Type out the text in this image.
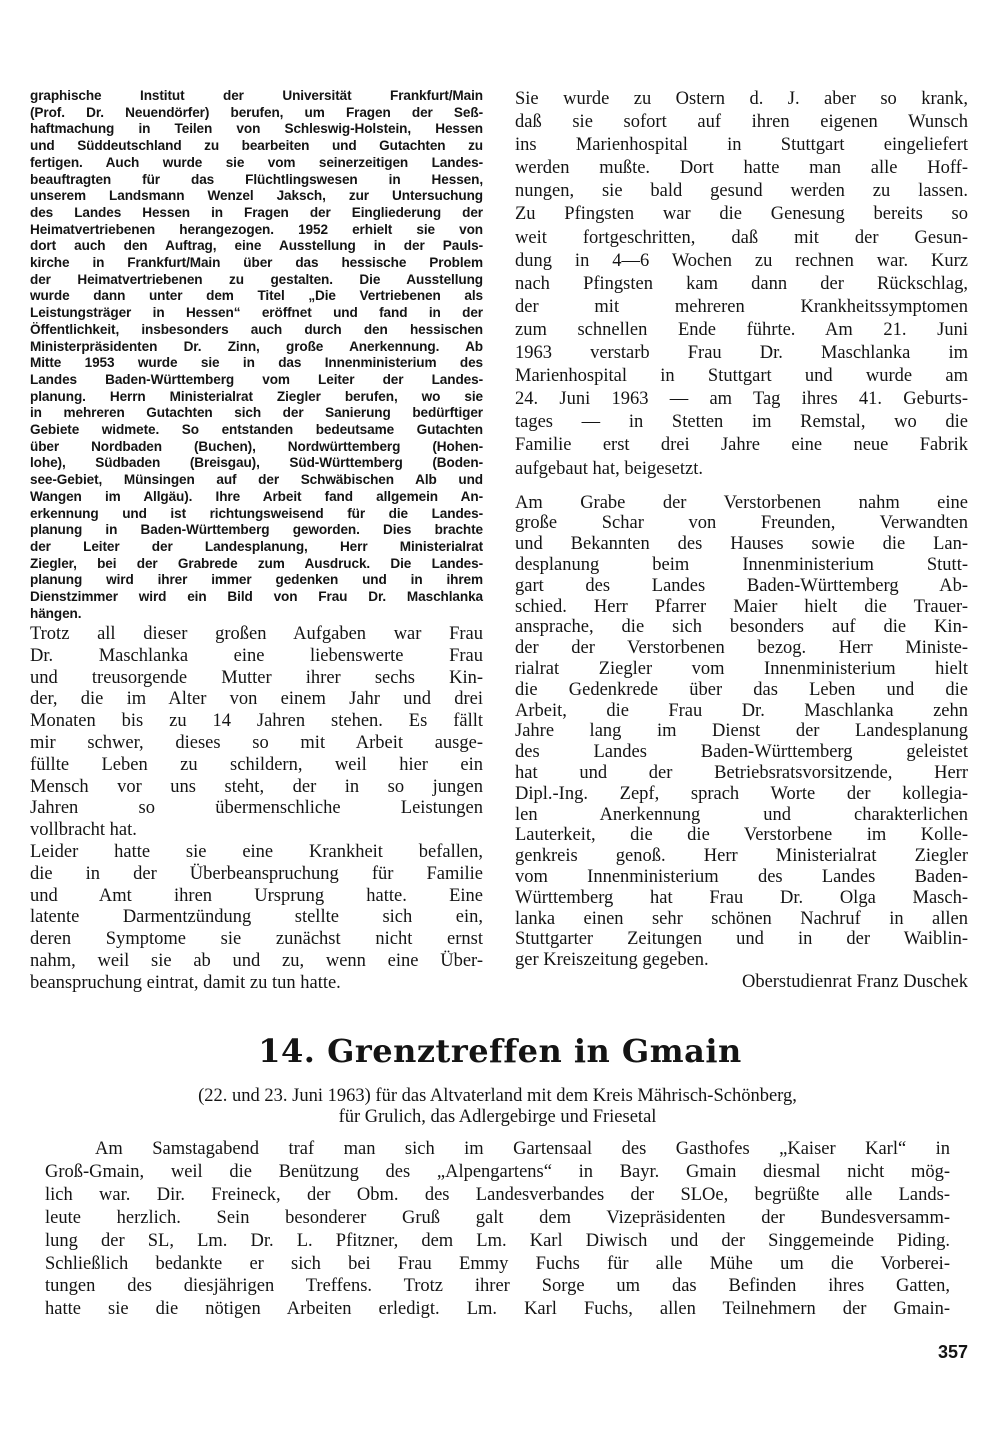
graphische Institut der Universität Frankfurt/Main
(Prof. Dr. Neuendörfer) berufen, um Fragen der Seß-
haftmachung in Teilen von Schleswig-Holstein, Hessen
und Süddeutschland zu bearbeiten und Gutachten zu
fertigen. Auch wurde sie vom seinerzeitigen Landes-
beauftragten für das Flüchtlingswesen in Hessen,
unserem Landsmann Wenzel Jaksch, zur Untersuchung
des Landes Hessen in Fragen der Eingliederung der
Heimatvertriebenen herangezogen. 1952 erhielt sie von
dort auch den Auftrag, eine Ausstellung in der Pauls-
kirche in Frankfurt/Main über das hessische Problem
der Heimatvertriebenen zu gestalten. Die Ausstellung
wurde dann unter dem Titel „Die Vertriebenen als
Leistungsträger in Hessen“ eröffnet und fand in der
Öffentlichkeit, insbesonders auch durch den hessischen
Ministerpräsidenten Dr. Zinn, große Anerkennung. Ab
Mitte 1953 wurde sie in das Innenministerium des
Landes Baden-Württemberg vom Leiter der Landes-
planung. Herrn Ministerialrat Ziegler berufen, wo sie
in mehreren Gutachten sich der Sanierung bedürftiger
Gebiete widmete. So entstanden bedeutsame Gutachten
über Nordbaden (Buchen), Nordwürttemberg (Hohen-
lohe), Südbaden (Breisgau), Süd-Württemberg (Boden-
see-Gebiet, Münsingen auf der Schwäbischen Alb und
Wangen im Allgäu). Ihre Arbeit fand allgemein An-
erkennung und ist richtungsweisend für die Landes-
planung in Baden-Württemberg geworden. Dies brachte
der Leiter der Landesplanung, Herr Ministerialrat
Ziegler, bei der Grabrede zum Ausdruck. Die Landes-
planung wird ihrer immer gedenken und in ihrem
Dienstzimmer wird ein Bild von Frau Dr. Maschlanka
hängen.
Trotz all dieser großen Aufgaben war Frau
Dr. Maschlanka eine liebenswerte Frau
und treusorgende Mutter ihrer sechs Kin-
der, die im Alter von einem Jahr und drei
Monaten bis zu 14 Jahren stehen. Es fällt
mir schwer, dieses so mit Arbeit ausge-
füllte Leben zu schildern, weil hier ein
Mensch vor uns steht, der in so jungen
Jahren so übermenschliche Leistungen
vollbracht hat.
Leider hatte sie eine Krankheit befallen,
die in der Überbeanspruchung für Familie
und Amt ihren Ursprung hatte. Eine
latente Darmentzündung stellte sich ein,
deren Symptome sie zunächst nicht ernst
nahm, weil sie ab und zu, wenn eine Über-
beanspruchung eintrat, damit zu tun hatte.
Sie wurde zu Ostern d. J. aber so krank,
daß sie sofort auf ihren eigenen Wunsch
ins Marienhospital in Stuttgart eingeliefert
werden mußte. Dort hatte man alle Hoff-
nungen, sie bald gesund werden zu lassen.
Zu Pfingsten war die Genesung bereits so
weit fortgeschritten, daß mit der Gesun-
dung in 4—6 Wochen zu rechnen war. Kurz
nach Pfingsten kam dann der Rückschlag,
der mit mehreren Krankheitssymptomen
zum schnellen Ende führte. Am 21. Juni
1963 verstarb Frau Dr. Maschlanka im
Marienhospital in Stuttgart und wurde am
24. Juni 1963 — am Tag ihres 41. Geburts-
tages — in Stetten im Remstal, wo die
Familie erst drei Jahre eine neue Fabrik
aufgebaut hat, beigesetzt.
Am Grabe der Verstorbenen nahm eine
große Schar von Freunden, Verwandten
und Bekannten des Hauses sowie die Lan-
desplanung beim Innenministerium Stutt-
gart des Landes Baden-Württemberg Ab-
schied. Herr Pfarrer Maier hielt die Trauer-
ansprache, die sich besonders auf die Kin-
der der Verstorbenen bezog. Herr Ministe-
rialrat Ziegler vom Innenministerium hielt
die Gedenkrede über das Leben und die
Arbeit, die Frau Dr. Maschlanka zehn
Jahre lang im Dienst der Landesplanung
des Landes Baden-Württemberg geleistet
hat und der Betriebsratsvorsitzende, Herr
Dipl.-Ing. Zepf, sprach Worte der kollegia-
len Anerkennung und charakterlichen
Lauterkeit, die die Verstorbene im Kolle-
genkreis genoß. Herr Ministerialrat Ziegler
vom Innenministerium des Landes Baden-
Württemberg hat Frau Dr. Olga Masch-
lanka einen sehr schönen Nachruf in allen
Stuttgarter Zeitungen und in der Waiblin-
ger Kreiszeitung gegeben.
Oberstudienrat Franz Duschek
14. Grenztreffen in Gmain
(22. und 23. Juni 1963) für das Altvaterland mit dem Kreis Mährisch-Schönberg,
für Grulich, das Adlergebirge und Friesetal
Am Samstagabend traf man sich im Gartensaal des Gasthofes „Kaiser Karl“ in
Groß-Gmain, weil die Benützung des „Alpengartens“ in Bayr. Gmain diesmal nicht mög-
lich war. Dir. Freineck, der Obm. des Landesverbandes der SLOe, begrüßte alle Lands-
leute herzlich. Sein besonderer Gruß galt dem Vizepräsidenten der Bundesversamm-
lung der SL, Lm. Dr. L. Pfitzner, dem Lm. Karl Diwisch und der Singgemeinde Piding.
Schließlich bedankte er sich bei Frau Emmy Fuchs für alle Mühe um die Vorberei-
tungen des diesjährigen Treffens. Trotz ihrer Sorge um das Befinden ihres Gatten,
hatte sie die nötigen Arbeiten erledigt. Lm. Karl Fuchs, allen Teilnehmern der Gmain-
357
